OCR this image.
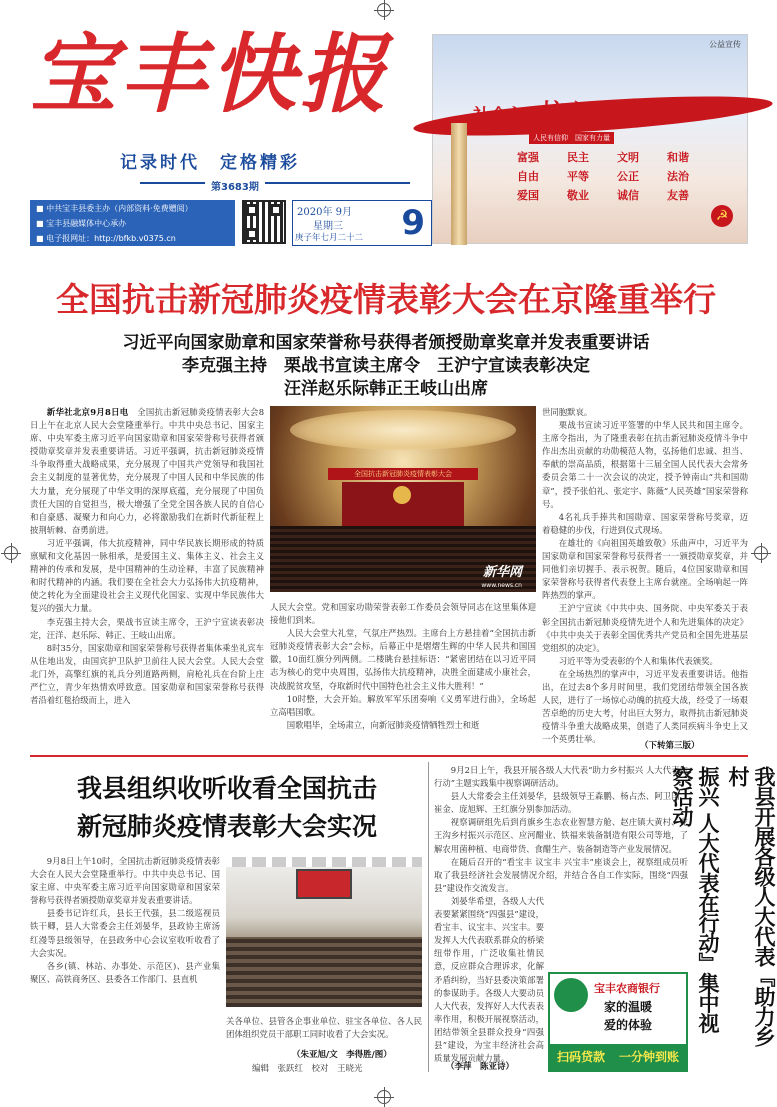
宝丰快报
记录时代　定格精彩
第3683期
■ 中共宝丰县委主办（内部资料·免费赠阅）
■ 宝丰县融媒体中心承办
■ 电子报网址：http://bfkb.v0375.cn
2020年 9月
星期三
庚子年七月二十二 9
公益宣传
社会主义核心价值观
人民有信仰　国家有力量
富强	民主	文明	和谐
自由	平等	公正	法治
爱国	敬业	诚信	友善
☭
全国抗击新冠肺炎疫情表彰大会在京隆重举行
习近平向国家勋章和国家荣誉称号获得者颁授勋章奖章并发表重要讲话
李克强主持　栗战书宣读主席令　王沪宁宣读表彰决定
汪洋赵乐际韩正王岐山出席
全国抗击新冠肺炎疫情表彰大会
新华网
www.news.cn

新华社北京9月8日电　 全国抗击新冠肺炎疫情表彰大会8日上午在北京人民大会堂隆重举行。中共中央总书记、国家主席、中央军委主席习近平向国家勋章和国家荣誉称号获得者颁授勋章奖章并发表重要讲话。习近平强调，抗击新冠肺炎疫情斗争取得重大战略成果，充分展现了中国共产党领导和我国社会主义制度的显著优势，充分展现了中国人民和中华民族的伟大力量，充分展现了中华文明的深厚底蕴，充分展现了中国负责任大国的自觉担当，极大增强了全党全国各族人民的自信心和自豪感、凝聚力和向心力，必将激励我们在新时代新征程上披荆斩棘、奋勇前进。

习近平强调，伟大抗疫精神，同中华民族长期形成的特质禀赋和文化基因一脉相承，是爱国主义、集体主义、社会主义精神的传承和发展，是中国精神的生动诠释，丰富了民族精神和时代精神的内涵。我们要在全社会大力弘扬伟大抗疫精神，使之转化为全面建设社会主义现代化国家、实现中华民族伟大复兴的强大力量。

李克强主持大会，栗战书宣读主席令，王沪宁宣读表彰决定，汪洋、赵乐际、韩正、王岐山出席。

8时35分，国家勋章和国家荣誉称号获得者集体乘坐礼宾车从住地出发，由国宾护卫队护卫前往人民大会堂。人民大会堂北门外，高擎红旗的礼兵分列道路两侧，肩枪礼兵在台阶上庄严伫立，青少年热情欢呼致意。国家勋章和国家荣誉称号获得者沿着红毯拾级而上，进入

人民大会堂。党和国家功勋荣誉表彰工作委员会领导同志在这里集体迎接他们到来。

人民大会堂大礼堂，气氛庄严热烈。主席台上方悬挂着“全国抗击新冠肺炎疫情表彰大会”会标，后幕正中是熠熠生辉的中华人民共和国国徽，10面红旗分列两侧。二楼眺台悬挂标语：“紧密团结在以习近平同志为核心的党中央周围，弘扬伟大抗疫精神，决胜全面建成小康社会，决战脱贫攻坚，夺取新时代中国特色社会主义伟大胜利！”

10时整，大会开始。解放军军乐团奏响《义勇军进行曲》，全场起立高唱国歌。

国歌唱毕，全场肃立，向新冠肺炎疫情牺牲烈士和逝

世同胞默哀。

栗战书宣读习近平签署的中华人民共和国主席令。主席令指出，为了隆重表彰在抗击新冠肺炎疫情斗争中作出杰出贡献的功勋模范人物，弘扬他们忠诚、担当、奉献的崇高品质，根据第十三届全国人民代表大会常务委员会第二十一次会议的决定，授予钟南山“共和国勋章”，授予张伯礼、张定宇、陈薇“人民英雄”国家荣誉称号。

4名礼兵手捧共和国勋章、国家荣誉称号奖章，迈着稳健的步伐，行进到仪式现场。

在雄壮的《向祖国英雄致敬》乐曲声中，习近平为国家勋章和国家荣誉称号获得者一一颁授勋章奖章，并同他们亲切握手、表示祝贺。随后，4位国家勋章和国家荣誉称号获得者代表登上主席台就座。全场响起一阵阵热烈的掌声。

王沪宁宣读《中共中央、国务院、中央军委关于表彰全国抗击新冠肺炎疫情先进个人和先进集体的决定》《中共中央关于表彰全国优秀共产党员和全国先进基层党组织的决定》。

习近平等为受表彰的个人和集体代表颁奖。

在全场热烈的掌声中，习近平发表重要讲话。他指出，在过去8个多月时间里，我们党团结带领全国各族人民，进行了一场惊心动魄的抗疫大战，经受了一场艰苦卓绝的历史大考，付出巨大努力，取得抗击新冠肺炎疫情斗争重大战略成果，创造了人类同疾病斗争史上又一个英勇壮举。

（下转第三版）
我县组织收听收看全国抗击
新冠肺炎疫情表彰大会实况

9月8日上午10时，全国抗击新冠肺炎疫情表彰大会在人民大会堂隆重举行。中共中央总书记、国家主席、中央军委主席习近平向国家勋章和国家荣誉称号获得者颁授勋章奖章并发表重要讲话。

县委书记许红兵，县长王代强，县二级巡视员铁干卿，县人大常委会主任刘晏华，县政协主席汤红漫等县级领导，在县政务中心会议室收听收看了大会实况。

各乡(镇、林站、办事处、示范区)、县产业集聚区、高铁商务区、县委各工作部门、县直机

关各单位、县管各企事业单位、驻宝各单位、各人民团体组织党员干部职工同时收看了大会实况。

（朱亚旭/文　李得胜/图）
编辑　张跃红　校对　王晓光

9月2日上午，我县开展各级人大代表“助力乡村振兴 人大代表在行动”主题实践集中视察调研活动。

县人大常委会主任刘晏华，县级领导王森鹏、杨占杰、阿卫国、崔金、庞旭辉、王红旗分别参加活动。

视察调研组先后到肖旗乡生态农业智慧方舱、赵庄镇大黄村、龙王沟乡村振兴示范区、应河醋业、铁福来装备制造有限公司等地，了解农用菌种植、电商带货、食醋生产、装备制造等产业发展情况。

在随后召开的“看宝丰 议宝丰 兴宝丰”座谈会上，视察组成员听取了我县经济社会发展情况介绍，并结合各自工作实际，围绕“四强县”建设作交流发言。

刘晏华希望，各级人大代表要紧紧围绕“四强县”建设，看宝丰、议宝丰、兴宝丰。要发挥人大代表联系群众的桥梁纽带作用，广泛收集社情民意，反应群众合理诉求，化解矛盾纠纷，当好县委决策部署的参谋助手。各级人大要动员人大代表，发挥好人大代表表率作用，积极开展视察活动，团结带领全县群众投身“四强县”建设，为宝丰经济社会高质量发展贡献力量。

（李萍　陈亚诗）
我县开展各级人大代表『助力乡村
振兴 人大代表在行动』集中视察活动
宝丰农商银行
家的温暖
爱的体验
扫码贷款 一分钟到账
